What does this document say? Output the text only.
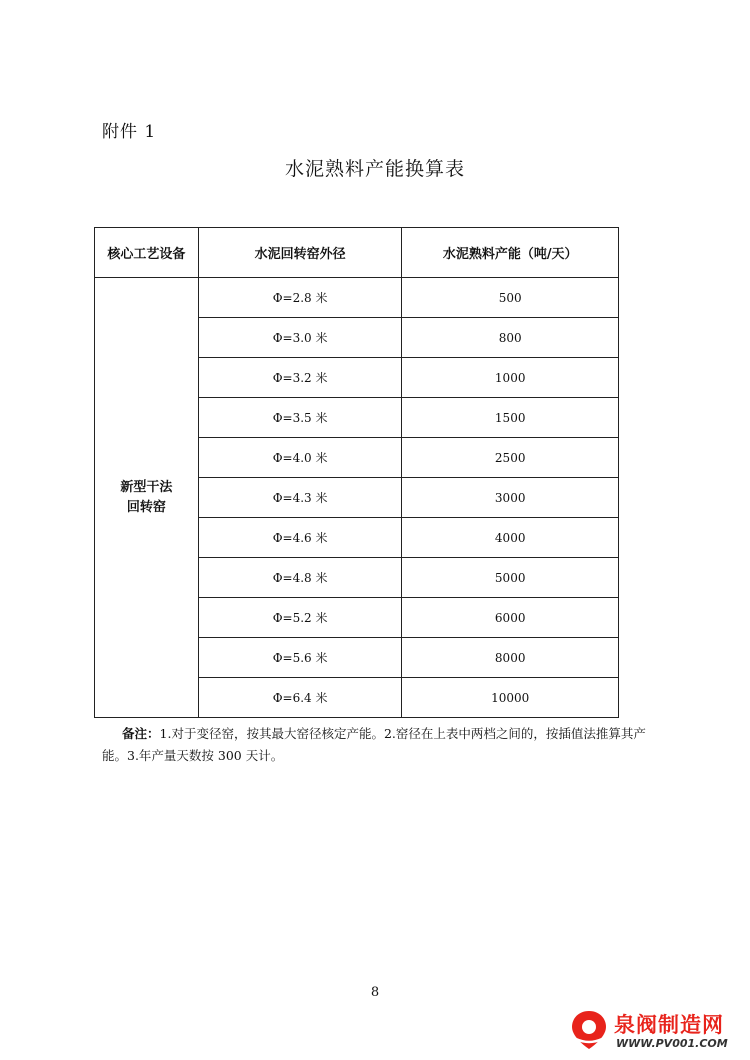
附件 1
水泥熟料产能换算表
核心工艺设备	水泥回转窑外径	水泥熟料产能（吨/天）

新型干法
回转窑	Φ=2.8 米	500
	Φ=3.0 米	800
	Φ=3.2 米	1000
	Φ=3.5 米	1500
	Φ=4.0 米	2500
	Φ=4.3 米	3000
	Φ=4.6 米	4000
	Φ=4.8 米	5000
	Φ=5.2 米	6000
	Φ=5.6 米	8000
	Φ=6.4 米	10000
备注：1.对于变径窑，按其最大窑径核定产能。2.窑径在上表中两档之间的，按插值法推算其产能。3.年产量天数按 300 天计。
8
泉阀制造网
WWW.PV001.COM
